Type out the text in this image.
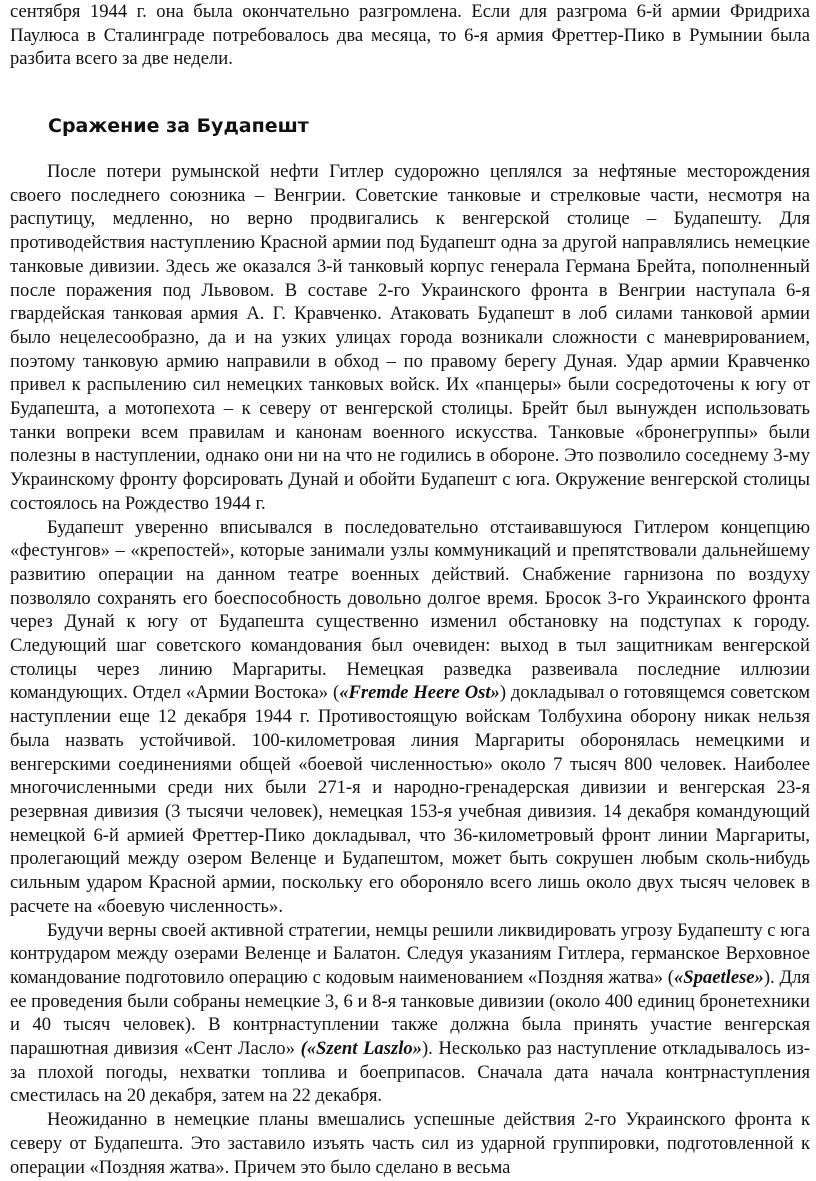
сентября 1944 г. она была окончательно разгромлена. Если для разгрома 6-й армии Фридриха Паулюса в Сталинграде потребовалось два месяца, то 6-я армия Фреттер-Пико в Румынии была разбита всего за две недели.

Сражение за Будапешт

После потери румынской нефти Гитлер судорожно цеплялся за нефтяные месторождения своего последнего союзника – Венгрии. Советские танковые и стрелковые части, несмотря на распутицу, медленно, но верно продвигались к венгерской столице – Будапешту. Для противодействия наступлению Красной армии под Будапешт одна за другой направлялись немецкие танковые дивизии. Здесь же оказался 3-й танковый корпус генерала Германа Брейта, пополненный после поражения под Львовом. В составе 2-го Украинского фронта в Венгрии наступала 6-я гвардейская танковая армия А. Г. Кравченко. Атаковать Будапешт в лоб силами танковой армии было нецелесообразно, да и на узких улицах города возникали сложности с маневрированием, поэтому танковую армию направили в обход – по правому берегу Дуная. Удар армии Кравченко привел к распылению сил немецких танковых войск. Их «панцеры» были сосредоточены к югу от Будапешта, а мотопехота – к северу от венгерской столицы. Брейт был вынужден использовать танки вопреки всем правилам и канонам военного искусства. Танковые «бронегруппы» были полезны в наступлении, однако они ни на что не годились в обороне. Это позволило соседнему 3-му Украинскому фронту форсировать Дунай и обойти Будапешт с юга. Окружение венгерской столицы состоялось на Рождество 1944 г.

Будапешт уверенно вписывался в последовательно отстаивавшуюся Гитлером концепцию «фестунгов» – «крепостей», которые занимали узлы коммуникаций и препятствовали дальнейшему развитию операции на данном театре военных действий. Снабжение гарнизона по воздуху позволяло сохранять его боеспособность довольно долгое время. Бросок 3-го Украинского фронта через Дунай к югу от Будапешта существенно изменил обстановку на подступах к городу. Следующий шаг советского командования был очевиден: выход в тыл защитникам венгерской столицы через линию Маргариты. Немецкая разведка развеивала последние иллюзии командующих. Отдел «Армии Востока» («Fremde Heere Ost») докладывал о готовящемся советском наступлении еще 12 декабря 1944 г. Противостоящую войскам Толбухина оборону никак нельзя была назвать устойчивой. 100-километровая линия Маргариты оборонялась немецкими и венгерскими соединениями общей «боевой численностью» около 7 тысяч 800 человек. Наиболее многочисленными среди них были 271-я и народно-гренадерская дивизии и венгерская 23-я резервная дивизия (3 тысячи человек), немецкая 153-я учебная дивизия. 14 декабря командующий немецкой 6-й армией Фреттер-Пико докладывал, что 36-километровый фронт линии Маргариты, пролегающий между озером Веленце и Будапештом, может быть сокрушен любым сколь-нибудь сильным ударом Красной армии, поскольку его обороняло всего лишь около двух тысяч человек в расчете на «боевую численность».

Будучи верны своей активной стратегии, немцы решили ликвидировать угрозу Будапешту с юга контрударом между озерами Веленце и Балатон. Следуя указаниям Гитлера, германское Верховное командование подготовило операцию с кодовым наименованием «Поздняя жатва» («Spaetlese»). Для ее проведения были собраны немецкие 3, 6 и 8-я танковые дивизии (около 400 единиц бронетехники и 40 тысяч человек). В контрнаступлении также должна была принять участие венгерская парашютная дивизия «Сент Ласло» («Szent Laszlo»). Несколько раз наступление откладывалось из-за плохой погоды, нехватки топлива и боеприпасов. Сначала дата начала контрнаступления сместилась на 20 декабря, затем на 22 декабря.

Неожиданно в немецкие планы вмешались успешные действия 2-го Украинского фронта к северу от Будапешта. Это заставило изъять часть сил из ударной группировки, подготовленной к операции «Поздняя жатва». Причем это было сделано в весьма
